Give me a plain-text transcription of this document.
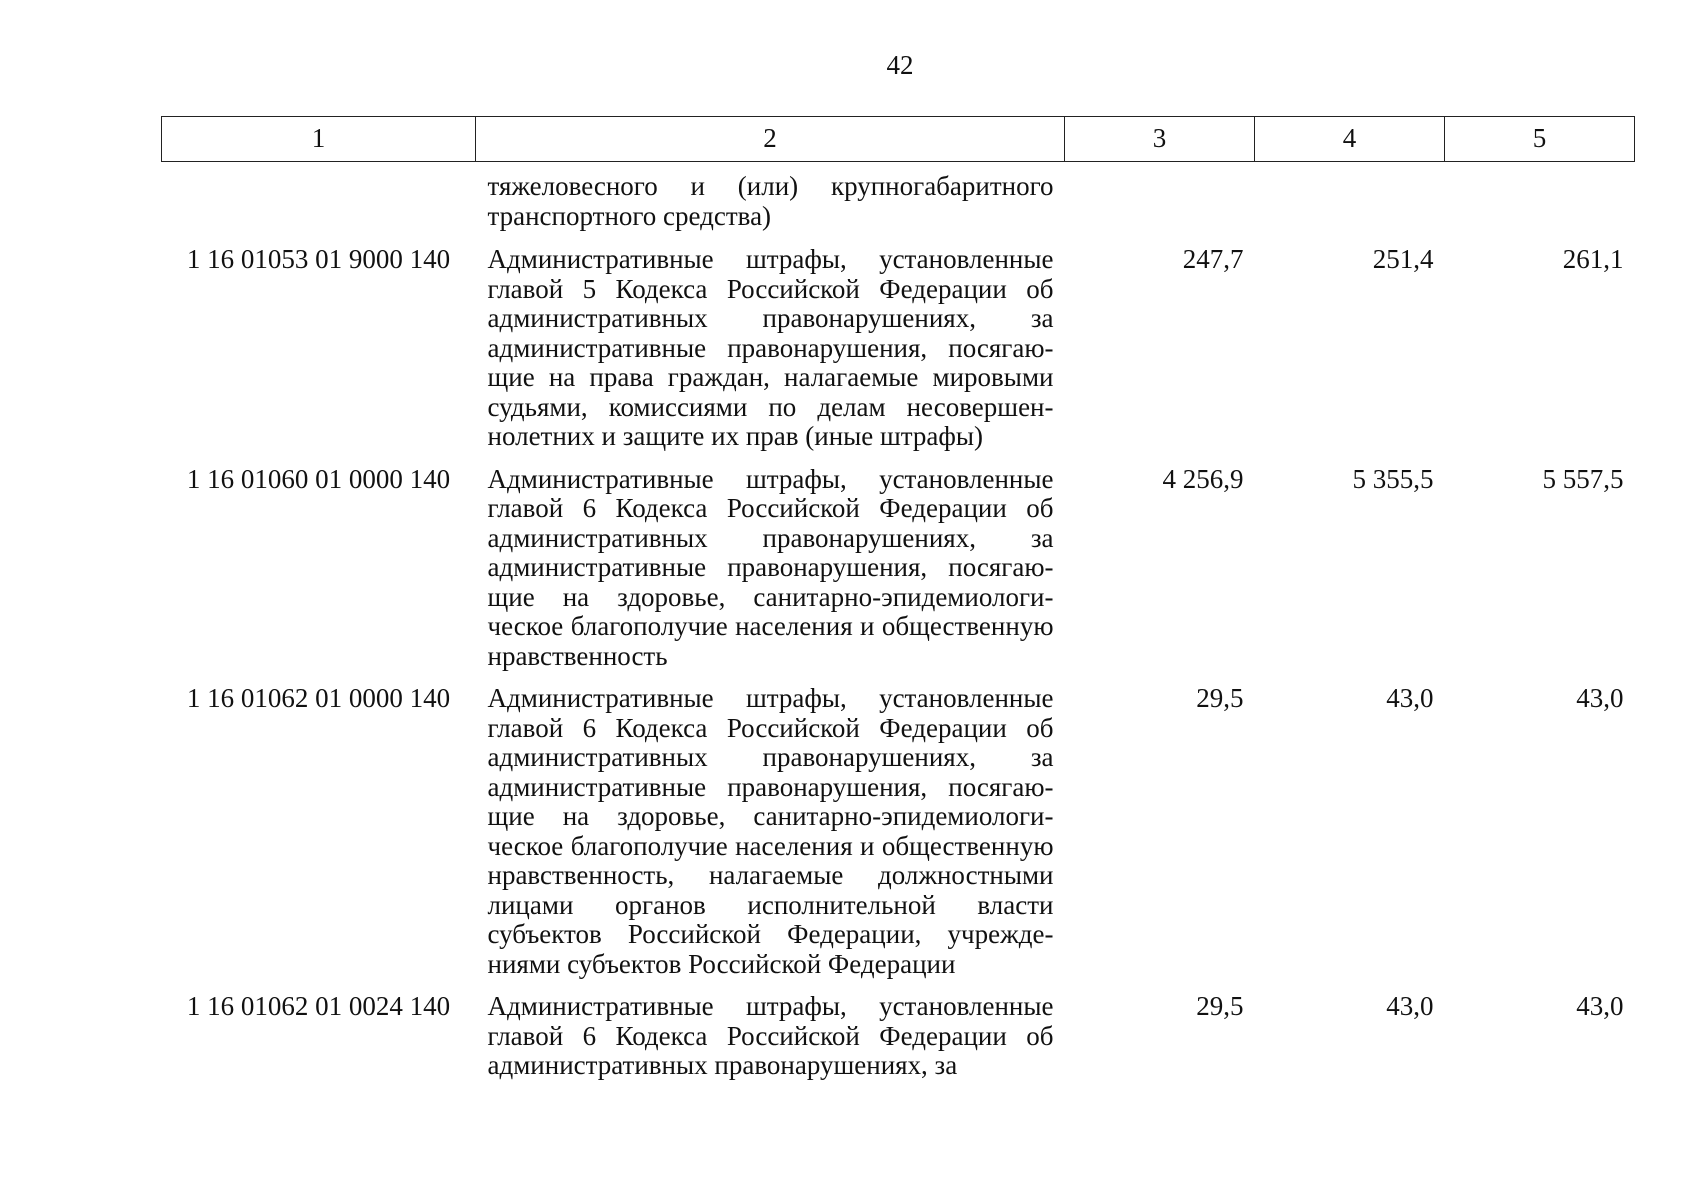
42
1	2	3	4	5
	тяжеловесного и (или) крупногабаритного транспортного средства)			
1 16 01053 01 9000 140	Административные штрафы, установленные главой 5 Кодекса Российской Федерации об административных правонарушениях, за административные правонарушения, посягающие на права граждан, налагаемые мировыми судьями, комиссиями по делам несовершеннолетних и защите их прав (иные штрафы)	247,7	251,4	261,1
1 16 01060 01 0000 140	Административные штрафы, установленные главой 6 Кодекса Российской Федерации об административных правонарушениях, за административные правонарушения, посягающие на здоровье, санитарно-эпидемиологическое благополучие населения и общественную нравственность	4 256,9	5 355,5	5 557,5
1 16 01062 01 0000 140	Административные штрафы, установленные главой 6 Кодекса Российской Федерации об административных правонарушениях, за административные правонарушения, посягающие на здоровье, санитарно-эпидемиологическое благополучие населения и общественную нравственность, налагаемые должностными лицами органов исполнительной власти субъектов Российской Федерации, учреждениями субъектов Российской Федерации	29,5	43,0	43,0
1 16 01062 01 0024 140	Административные штрафы, установленные главой 6 Кодекса Российской Федерации об административных правонарушениях, за	29,5	43,0	43,0
